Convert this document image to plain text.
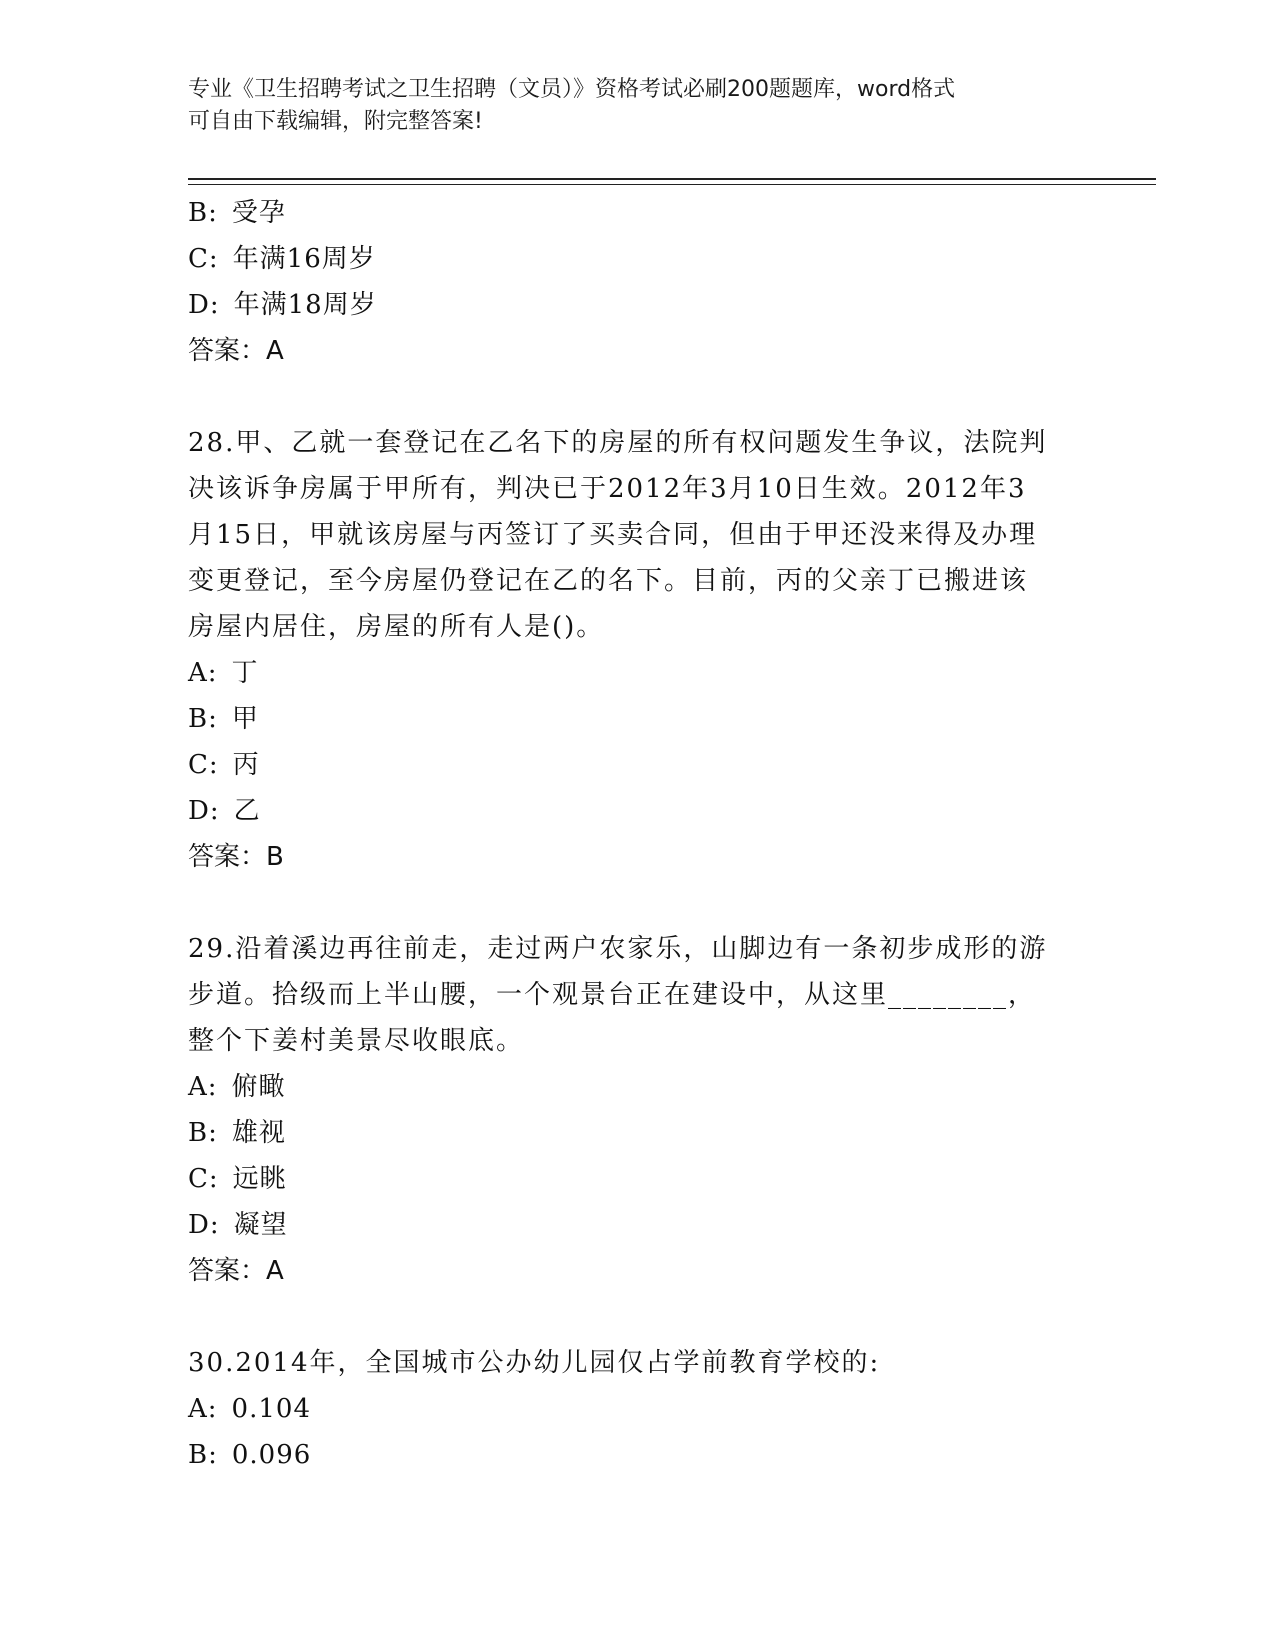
专业《卫生招聘考试之卫生招聘（文员）》资格考试必刷200题题库，word格式
可自由下载编辑，附完整答案!
B: 受孕
C: 年满16周岁
D: 年满18周岁
答案：A
28.甲、乙就一套登记在乙名下的房屋的所有权问题发生争议，法院判
决该诉争房属于甲所有，判决已于2012年3月10日生效。2012年3
月15日，甲就该房屋与丙签订了买卖合同，但由于甲还没来得及办理
变更登记，至今房屋仍登记在乙的名下。目前，丙的父亲丁已搬进该
房屋内居住，房屋的所有人是()。
A: 丁
B: 甲
C: 丙
D: 乙
答案：B
29.沿着溪边再往前走，走过两户农家乐，山脚边有一条初步成形的游
步道。拾级而上半山腰，一个观景台正在建设中，从这里________，
整个下姜村美景尽收眼底。
A: 俯瞰
B: 雄视
C: 远眺
D: 凝望
答案：A
30.2014年，全国城市公办幼儿园仅占学前教育学校的:
A: 0.104
B: 0.096
